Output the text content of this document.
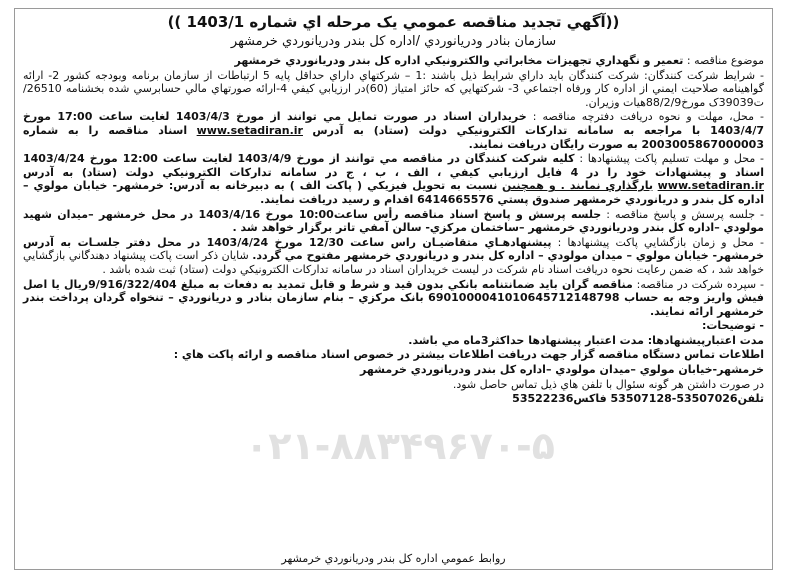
۰۲۱-۸۸۳۴۹۶۷۰-۵
((آگهي تجديد مناقصه عمومي يک مرحله اي شماره 1403/1 ))
سازمان بنادر ودريانوردي /اداره کل بندر ودريانوردي خرمشهر

موضوع مناقصه : تعمير و نگهداري تجهيزات مخابراتي والکترونيکي اداره کل بندر ودريانوردي خرمشهر

- شرايط شرکت کنندگان: شرکت کنندگان بايد داراي شرايط ذيل باشند :1 – شرکتهاي داراي حداقل پايه 5 ارتباطات از سازمان برنامه وبودجه کشور 2- ارائه گواهينامه صلاحيت ايمني از اداره کار ورفاه اجتماعي 3- شرکتهايي که حائز امتياز (60)در ارزيابي کيفي 4-ارائه صورتهاي مالي حسابرسي شده بخشنامه 26510/ت39039ک مورخ88/2/9هيات وزيران.

- محل، مهلت و نحوه دريافت دفترچه مناقصه : خريداران اسناد در صورت تمايل مي توانند از مورخ 1403/4/3 لغايت ساعت 17:00 مورخ 1403/4/7 با مراجعه به سامانه تدارکات الکترونيکي دولت (ستاد) به آدرس www.setadiran.ir اسناد مناقصه را به شماره 2003005867000003 به صورت رايگان دريافت نمايند.

- محل و مهلت تسليم پاکت پيشنهادها : کليه شرکت کنندگان در مناقصه مي توانند از مورخ 1403/4/9 لغايت ساعت 12:00 مورخ 1403/4/24 اسناد و پيشنهادات خود را در 4 فايل ارزيابي کيفي ، الف ، ب ، ج در سامانه تدارکات الکترونيکي دولت (ستاد) به آدرس www.setadiran.ir بارگذاري نمايند . و همچنين نسبت به تحويل فيزيکي ( پاکت الف ) به دبيرخانه به آدرس: خرمشهر- خيابان مولوي – اداره کل بندر و دريانوردي خرمشهر صندوق پستي 6414665576 اقدام و رسيد دريافت نمايند.

- جلسه پرسش و پاسخ مناقصه : جلسه پرسش و پاسخ اسناد مناقصه رأس ساعت10:00 مورخ 1403/4/16 در محل خرمشهر –ميدان شهيد مولودي –اداره کل بندر ودريانوردي خرمشهر –ساختمان مرکزي- سالن آمفي تاتر برگزار خواهد شد .

- محل و زمان بازگشايي پاکت پيشنهادها : پيشنهادهـاي متقاضيـان راس ساعت 12/30 مورخ 1403/4/24 در محل دفتر جلسـات به آدرس خرمشهر- خيابان مولوي – ميدان مولودي – اداره کل بندر و دريانوردي خرمشهر مفتوح مي گردد. شايان ذکر است پاکت پيشنهاد دهندگاني بازگشايي خواهد شد ، که ضمن رعايت نحوه دريافت اسناد نام شرکت در ليست خريداران اسناد در سامانه تدارکات الکترونيکي دولت (ستاد) ثبت شده باشد .

- سپرده شرکت در مناقصه: مناقصه گران بايد ضمانتنامه بانکي بدون قيد و شرط و قابل تمديد به دفعات به مبلغ 9/916/322/404ريال يا اصل فيش واريز وجه به حساب 6901000041010645712148798 بانک مرکزي – بنام سازمان بنادر و دريانوردي – تنخواه گردان پرداخت بندر خرمشهر ارائه نمايند.

- توضيحات:

مدت اعتبارپيشنهادها: مدت اعتبار پيشنهادها حداکثر3ماه مي باشد.

اطلاعات تماس دستگاه مناقصه گزار جهت دريافت اطلاعات بيشتر در خصوص اسناد مناقصه و ارائه پاکت هاي :

خرمشهر-خيابان مولوي –ميدان مولودي –اداره کل بندر ودريانوردي خرمشهر

در صورت داشتن هر گونه سئوال با تلفن هاي ذيل تماس حاصل شود.

تلفن53507026-53507128 فاکس53522236

روابط عمومي اداره کل بندر ودريانوردي خرمشهر
